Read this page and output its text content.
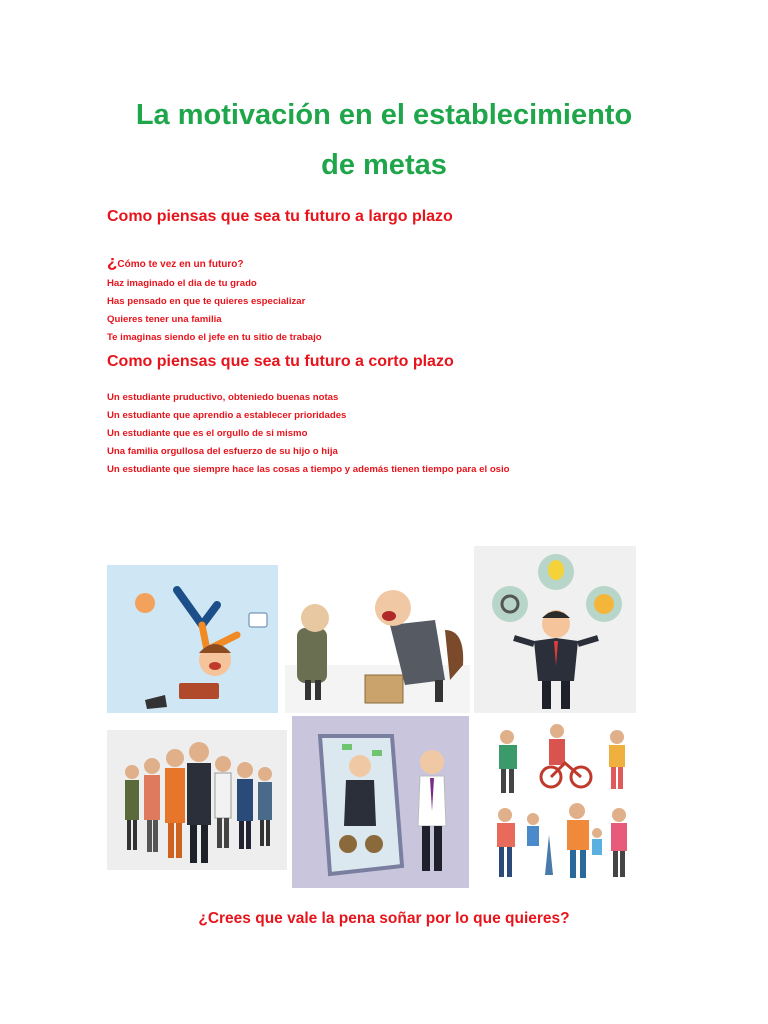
La motivación en el establecimiento
de metas
Como piensas que sea tu futuro a largo plazo
¿Cómo te vez en un futuro?
Haz imaginado el dia de tu grado
Has pensado en que te quieres especializar
Quieres tener una familia
Te imaginas siendo el jefe en tu sitio de trabajo
Como piensas que sea tu futuro a corto plazo
Un estudiante pruductivo, obteniedo buenas notas
Un estudiante que aprendio a establecer prioridades
Un estudiante que es el orgullo de si mismo
Una familia orgullosa del esfuerzo de su hijo o hija
Un estudiante que siempre hace las cosas a tiempo y además tienen tiempo para el osio

¿Crees que vale la pena soñar por lo que quieres?
